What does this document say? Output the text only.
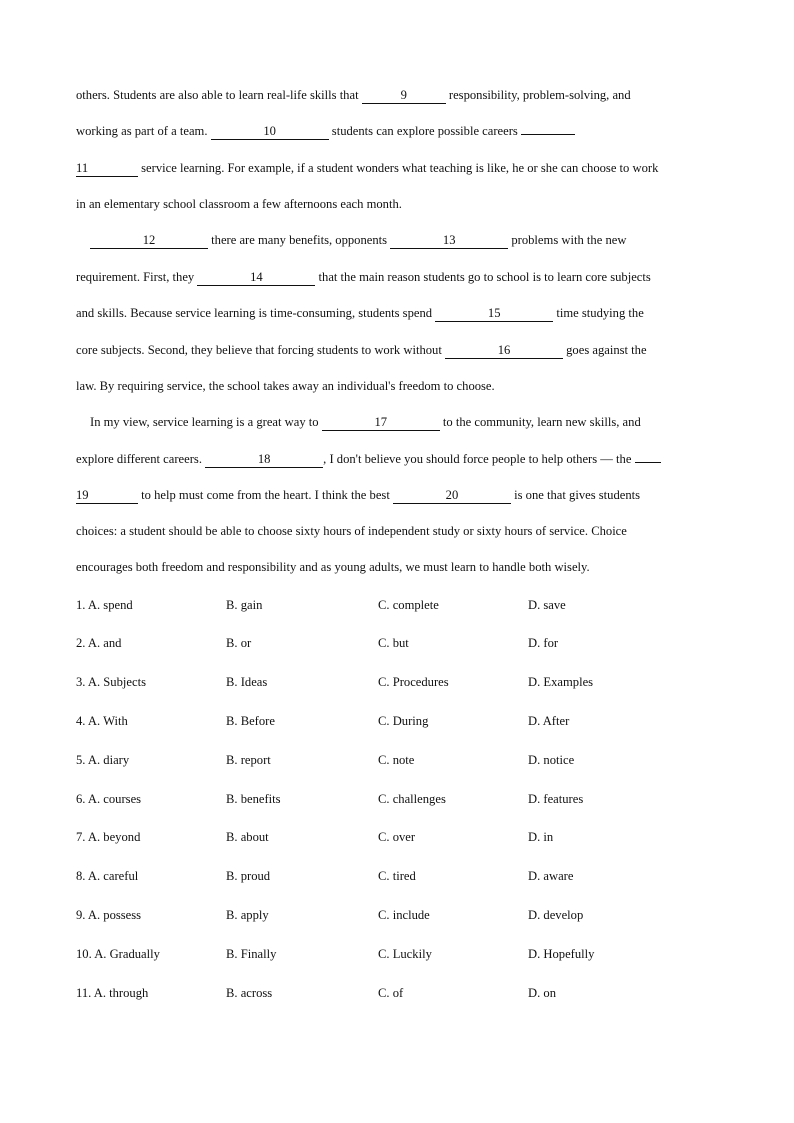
others. Students are also able to learn real-life skills that	9	responsibility, problem-solving, and
working as part of a team.	10	students can explore possible careers
11	service learning. For example, if a student wonders what teaching is like, he or she can choose to work
in an elementary school classroom a few afternoons each month.
12	there are many benefits, opponents	13	problems with the new
requirement. First, they	14	that the main reason students go to school is to learn core subjects
and skills. Because service learning is time-consuming, students spend	15	time studying the
core subjects. Second, they believe that forcing students to work without	16	goes against the
law. By requiring service, the school takes away an individual's freedom to choose.
In my view, service learning is a great way to	17	to the community, learn new skills, and
explore different careers.	18	, I don't believe you should force people to help others — the
19	to help must come from the heart. I think the best	20	is one that gives students
choices: a student should be able to choose sixty hours of independent study or sixty hours of service. Choice
encourages both freedom and responsibility and as young adults, we must learn to handle both wisely.
1. A. spend	B. gain	C. complete	D. save
2. A. and	B. or	C. but	D. for
3. A. Subjects	B. Ideas	C. Procedures	D. Examples
4. A. With	B. Before	C. During	D. After
5. A. diary	B. report	C. note	D. notice
6. A. courses	B. benefits	C. challenges	D. features
7. A. beyond	B. about	C. over	D. in
8. A. careful	B. proud	C. tired	D. aware
9. A. possess	B. apply	C. include	D. develop
10. A. Gradually	B. Finally	C. Luckily	D. Hopefully
11. A. through	B. across	C. of	D. on
